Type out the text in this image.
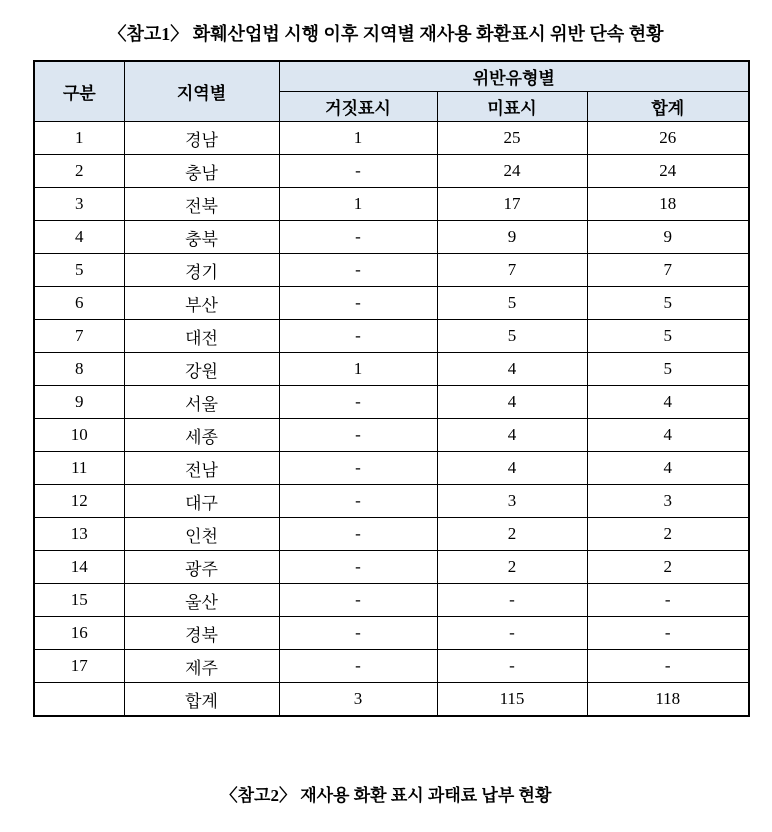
〈참고1〉 화훼산업법 시행 이후 지역별 재사용 화환표시 위반 단속 현황
구분	지역별	위반유형별		
		거짓표시	미표시	합계
1	경남	1	25	26
2	충남	-	24	24
3	전북	1	17	18
4	충북	-	9	9
5	경기	-	7	7
6	부산	-	5	5
7	대전	-	5	5
8	강원	1	4	5
9	서울	-	4	4
10	세종	-	4	4
11	전남	-	4	4
12	대구	-	3	3
13	인천	-	2	2
14	광주	-	2	2
15	울산	-	-	-
16	경북	-	-	-
17	제주	-	-	-
	합계	3	115	118
〈참고2〉 재사용 화환 표시 과태료 납부 현황
